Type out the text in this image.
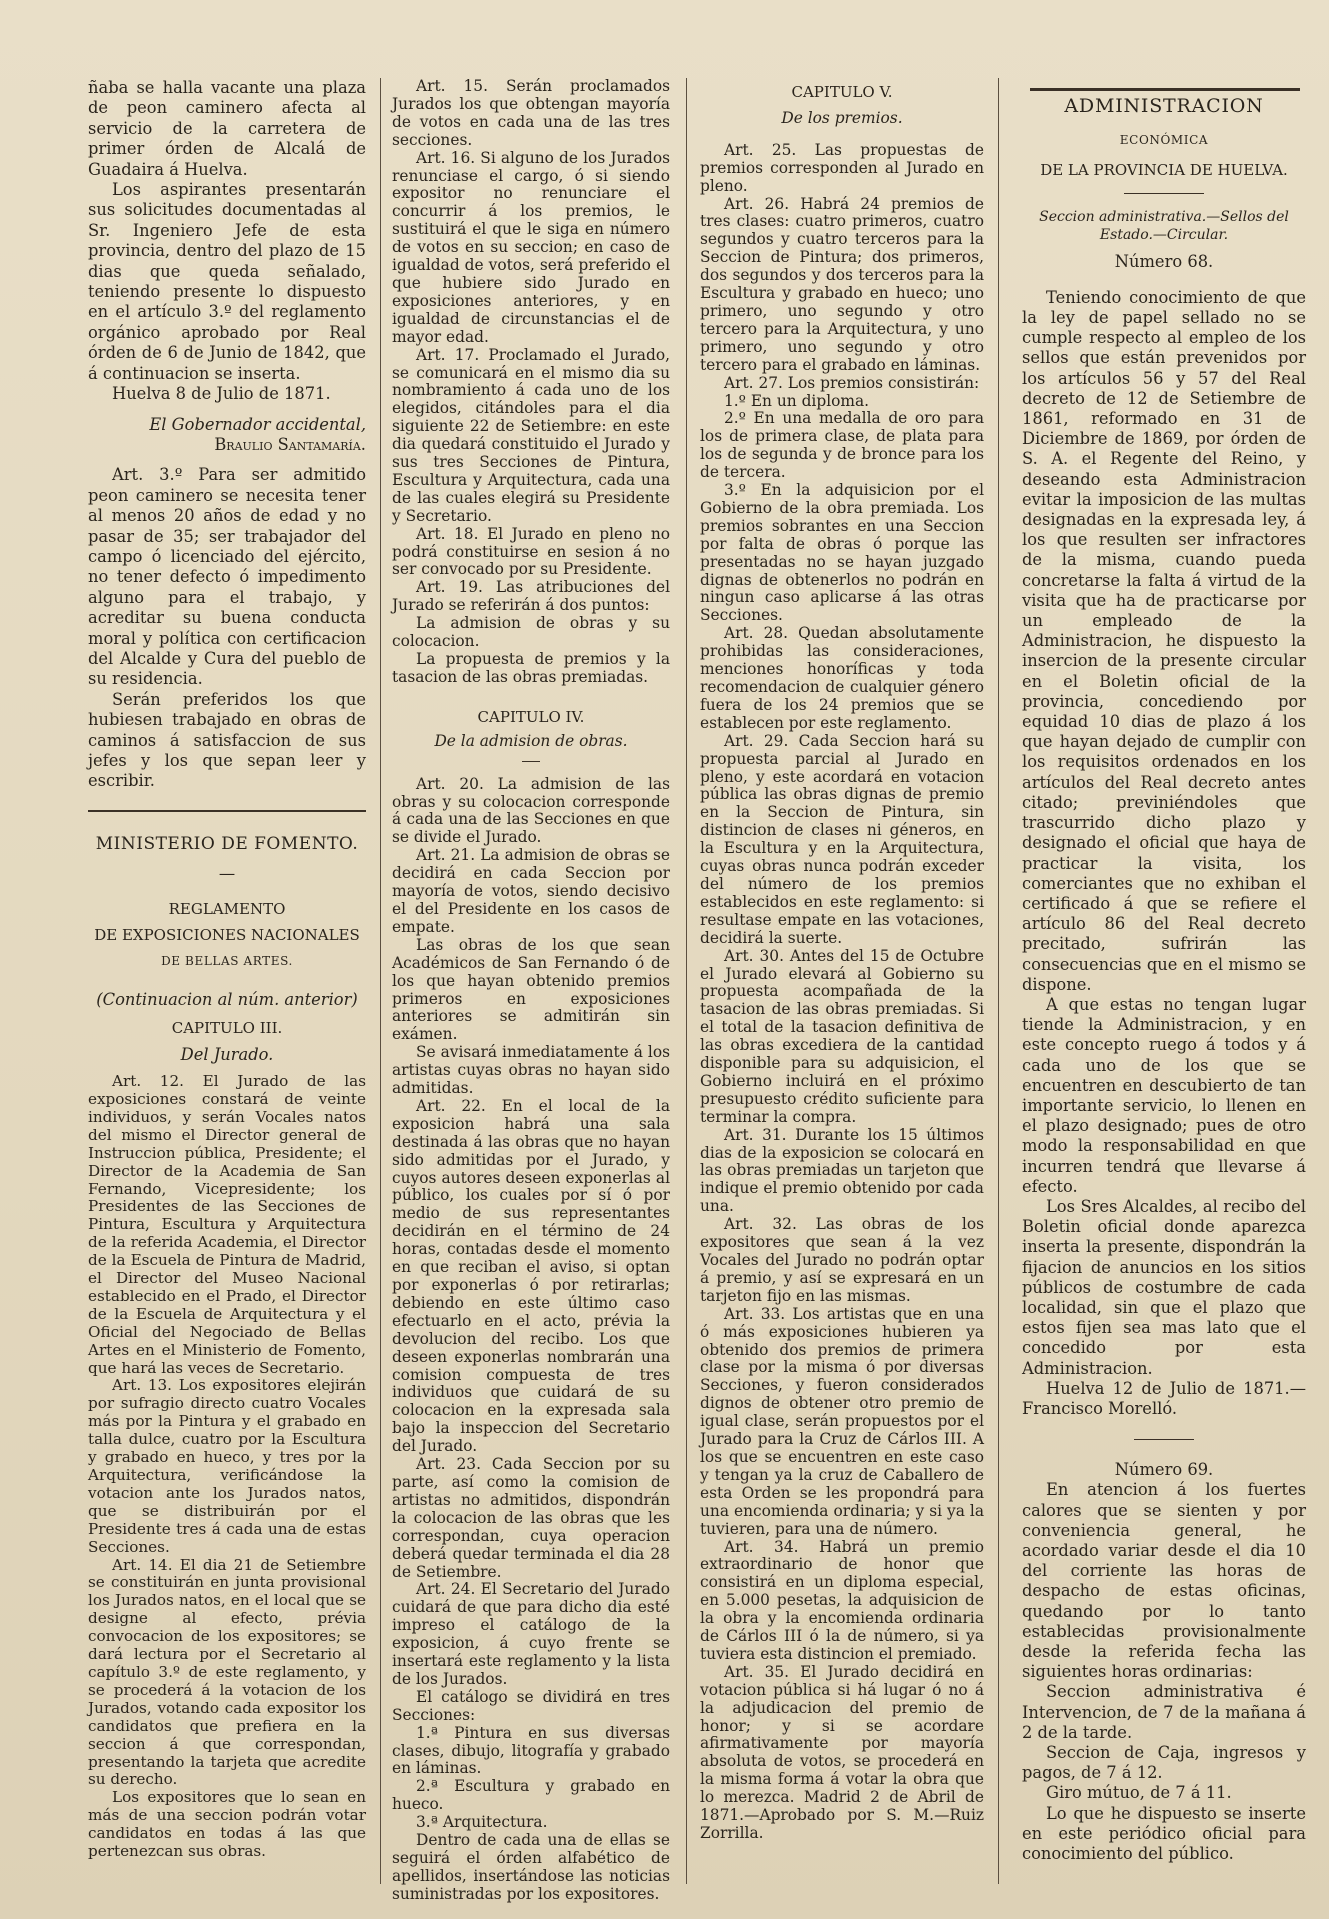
ñaba se halla vacante una plaza de peon caminero afecta al servicio de la carretera de primer órden de Alcalá de Guadaira á Huelva.

Los aspirantes presentarán sus solicitudes documentadas al Sr. Ingeniero Jefe de esta provincia, dentro del plazo de 15 dias que queda señalado, teniendo presente lo dispuesto en el artículo 3.º del reglamento orgánico aprobado por Real órden de 6 de Junio de 1842, que á continuacion se inserta.

Huelva 8 de Julio de 1871.

El Gobernador accidental,

Braulio Santamaría.

Art. 3.º Para ser admitido peon caminero se necesita tener al menos 20 años de edad y no pasar de 35; ser trabajador del campo ó licenciado del ejército, no tener defecto ó impedimento alguno para el trabajo, y acreditar su buena conducta moral y política con certificacion del Alcalde y Cura del pueblo de su residencia.

Serán preferidos los que hubiesen trabajado en obras de caminos á satisfaccion de sus jefes y los que sepan leer y escribir.

MINISTERIO DE FOMENTO.

—

REGLAMENTO

DE EXPOSICIONES NACIONALES

DE BELLAS ARTES.

(Continuacion al núm. anterior)

CAPITULO III.

Del Jurado.

Art. 12. El Jurado de las exposiciones constará de veinte individuos, y serán Vocales natos del mismo el Director general de Instruccion pública, Presidente; el Director de la Academia de San Fernando, Vicepresidente; los Presidentes de las Secciones de Pintura, Escultura y Arquitectura de la referida Academia, el Director de la Escuela de Pintura de Madrid, el Director del Museo Nacional establecido en el Prado, el Director de la Escuela de Arquitectura y el Oficial del Negociado de Bellas Artes en el Ministerio de Fomento, que hará las veces de Secretario.

Art. 13. Los expositores elejirán por sufragio directo cuatro Vocales más por la Pintura y el grabado en talla dulce, cuatro por la Escultura y grabado en hueco, y tres por la Arquitectura, verificándose la votacion ante los Jurados natos, que se distribuirán por el Presidente tres á cada una de estas Secciones.

Art. 14. El dia 21 de Setiembre se constituirán en junta provisional los Jurados natos, en el local que se designe al efecto, prévia convocacion de los expositores; se dará lectura por el Secretario al capítulo 3.º de este reglamento, y se procederá á la votacion de los Jurados, votando cada expositor los candidatos que prefiera en la seccion á que correspondan, presentando la tarjeta que acredite su derecho.

Los expositores que lo sean en más de una seccion podrán votar candidatos en todas á las que pertenezcan sus obras.

Art. 15. Serán proclamados Jurados los que obtengan mayoría de votos en cada una de las tres secciones.

Art. 16. Si alguno de los Jurados renunciase el cargo, ó si siendo expositor no renunciare el concurrir á los premios, le sustituirá el que le siga en número de votos en su seccion; en caso de igualdad de votos, será preferido el que hubiere sido Jurado en exposiciones anteriores, y en igualdad de circunstancias el de mayor edad.

Art. 17. Proclamado el Jurado, se comunicará en el mismo dia su nombramiento á cada uno de los elegidos, citándoles para el dia siguiente 22 de Setiembre: en este dia quedará constituido el Jurado y sus tres Secciones de Pintura, Escultura y Arquitectura, cada una de las cuales elegirá su Presidente y Secretario.

Art. 18. El Jurado en pleno no podrá constituirse en sesion á no ser convocado por su Presidente.

Art. 19. Las atribuciones del Jurado se referirán á dos puntos:

La admision de obras y su colocacion.

La propuesta de premios y la tasacion de las obras premiadas.

CAPITULO IV.

De la admision de obras.

Art. 20. La admision de las obras y su colocacion corresponde á cada una de las Secciones en que se divide el Jurado.

Art. 21. La admision de obras se decidirá en cada Seccion por mayoría de votos, siendo decisivo el del Presidente en los casos de empate.

Las obras de los que sean Académicos de San Fernando ó de los que hayan obtenido premios primeros en exposiciones anteriores se admitirán sin exámen.

Se avisará inmediatamente á los artistas cuyas obras no hayan sido admitidas.

Art. 22. En el local de la exposicion habrá una sala destinada á las obras que no hayan sido admitidas por el Jurado, y cuyos autores deseen exponerlas al público, los cuales por sí ó por medio de sus representantes decidirán en el término de 24 horas, contadas desde el momento en que reciban el aviso, si optan por exponerlas ó por retirarlas; debiendo en este último caso efectuarlo en el acto, prévia la devolucion del recibo. Los que deseen exponerlas nombrarán una comision compuesta de tres individuos que cuidará de su colocacion en la expresada sala bajo la inspeccion del Secretario del Jurado.

Art. 23. Cada Seccion por su parte, así como la comision de artistas no admitidos, dispondrán la colocacion de las obras que les correspondan, cuya operacion deberá quedar terminada el dia 28 de Setiembre.

Art. 24. El Secretario del Jurado cuidará de que para dicho dia esté impreso el catálogo de la exposicion, á cuyo frente se insertará este reglamento y la lista de los Jurados.

El catálogo se dividirá en tres Secciones:

1.ª Pintura en sus diversas clases, dibujo, litografía y grabado en láminas.

2.ª Escultura y grabado en hueco.

3.ª Arquitectura.

Dentro de cada una de ellas se seguirá el órden alfabético de apellidos, insertándose las noticias suministradas por los expositores.

CAPITULO V.

De los premios.

Art. 25. Las propuestas de premios corresponden al Jurado en pleno.

Art. 26. Habrá 24 premios de tres clases: cuatro primeros, cuatro segundos y cuatro terceros para la Seccion de Pintura; dos primeros, dos segundos y dos terceros para la Escultura y grabado en hueco; uno primero, uno segundo y otro tercero para la Arquitectura, y uno primero, uno segundo y otro tercero para el grabado en láminas.

Art. 27. Los premios consistirán:

1.º En un diploma.

2.º En una medalla de oro para los de primera clase, de plata para los de segunda y de bronce para los de tercera.

3.º En la adquisicion por el Gobierno de la obra premiada. Los premios sobrantes en una Seccion por falta de obras ó porque las presentadas no se hayan juzgado dignas de obtenerlos no podrán en ningun caso aplicarse á las otras Secciones.

Art. 28. Quedan absolutamente prohibidas las consideraciones, menciones honoríficas y toda recomendacion de cualquier género fuera de los 24 premios que se establecen por este reglamento.

Art. 29. Cada Seccion hará su propuesta parcial al Jurado en pleno, y este acordará en votacion pública las obras dignas de premio en la Seccion de Pintura, sin distincion de clases ni géneros, en la Escultura y en la Arquitectura, cuyas obras nunca podrán exceder del número de los premios establecidos en este reglamento: si resultase empate en las votaciones, decidirá la suerte.

Art. 30. Antes del 15 de Octubre el Jurado elevará al Gobierno su propuesta acompañada de la tasacion de las obras premiadas. Si el total de la tasacion definitiva de las obras excediera de la cantidad disponible para su adquisicion, el Gobierno incluirá en el próximo presupuesto crédito suficiente para terminar la compra.

Art. 31. Durante los 15 últimos dias de la exposicion se colocará en las obras premiadas un tarjeton que indique el premio obtenido por cada una.

Art. 32. Las obras de los expositores que sean á la vez Vocales del Jurado no podrán optar á premio, y así se expresará en un tarjeton fijo en las mismas.

Art. 33. Los artistas que en una ó más exposiciones hubieren ya obtenido dos premios de primera clase por la misma ó por diversas Secciones, y fueron considerados dignos de obtener otro premio de igual clase, serán propuestos por el Jurado para la Cruz de Cárlos III. A los que se encuentren en este caso y tengan ya la cruz de Caballero de esta Orden se les propondrá para una encomienda ordinaria; y si ya la tuvieren, para una de número.

Art. 34. Habrá un premio extraordinario de honor que consistirá en un diploma especial, en 5.000 pesetas, la adquisicion de la obra y la encomienda ordinaria de Cárlos III ó la de número, si ya tuviera esta distincion el premiado.

Art. 35. El Jurado decidirá en votacion pública si há lugar ó no á la adjudicacion del premio de honor; y si se acordare afirmativamente por mayoría absoluta de votos, se procederá en la misma forma á votar la obra que lo merezca. Madrid 2 de Abril de 1871.—Aprobado por S. M.—Ruiz Zorrilla.

ADMINISTRACION

ECONÓMICA

DE LA PROVINCIA DE HUELVA.

Seccion administrativa.—Sellos del Estado.—Circular.

Número 68.

Teniendo conocimiento de que la ley de papel sellado no se cumple respecto al empleo de los sellos que están prevenidos por los artículos 56 y 57 del Real decreto de 12 de Setiembre de 1861, reformado en 31 de Diciembre de 1869, por órden de S. A. el Regente del Reino, y deseando esta Administracion evitar la imposicion de las multas designadas en la expresada ley, á los que resulten ser infractores de la misma, cuando pueda concretarse la falta á virtud de la visita que ha de practicarse por un empleado de la Administracion, he dispuesto la insercion de la presente circular en el Boletin oficial de la provincia, concediendo por equidad 10 dias de plazo á los que hayan dejado de cumplir con los requisitos ordenados en los artículos del Real decreto antes citado; previniéndoles que trascurrido dicho plazo y designado el oficial que haya de practicar la visita, los comerciantes que no exhiban el certificado á que se refiere el artículo 86 del Real decreto precitado, sufrirán las consecuencias que en el mismo se dispone.

A que estas no tengan lugar tiende la Administracion, y en este concepto ruego á todos y á cada uno de los que se encuentren en descubierto de tan importante servicio, lo llenen en el plazo designado; pues de otro modo la responsabilidad en que incurren tendrá que llevarse á efecto.

Los Sres Alcaldes, al recibo del Boletin oficial donde aparezca inserta la presente, dispondrán la fijacion de anuncios en los sitios públicos de costumbre de cada localidad, sin que el plazo que estos fijen sea mas lato que el concedido por esta Administracion.

Huelva 12 de Julio de 1871.—Francisco Morelló.

Número 69.

En atencion á los fuertes calores que se sienten y por conveniencia general, he acordado variar desde el dia 10 del corriente las horas de despacho de estas oficinas, quedando por lo tanto establecidas provisionalmente desde la referida fecha las siguientes horas ordinarias:

Seccion administrativa é Intervencion, de 7 de la mañana á 2 de la tarde.

Seccion de Caja, ingresos y pagos, de 7 á 12.

Giro mútuo, de 7 á 11.

Lo que he dispuesto se inserte en este periódico oficial para conocimiento del público.
